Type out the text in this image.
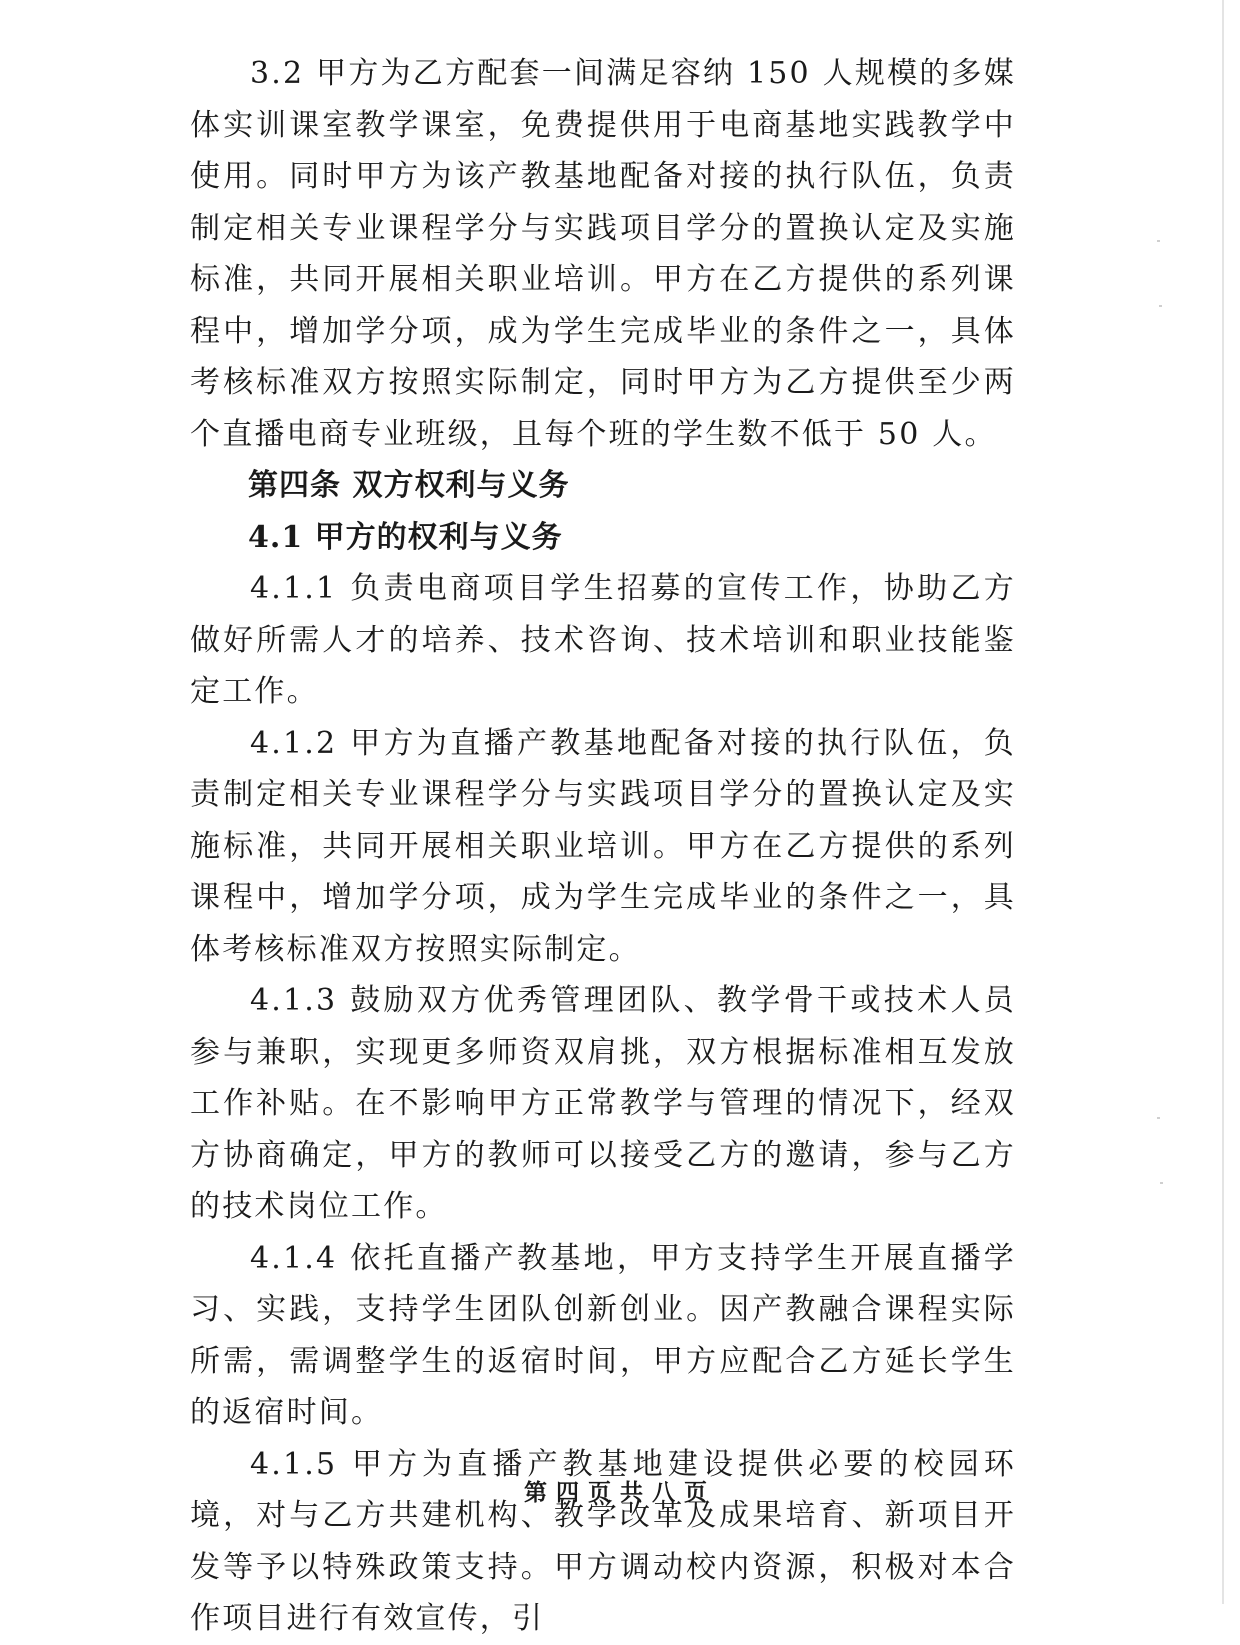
3.2 甲方为乙方配套一间满足容纳 150 人规模的多媒体实训课室教学课室，免费提供用于电商基地实践教学中使用。同时甲方为该产教基地配备对接的执行队伍，负责制定相关专业课程学分与实践项目学分的置换认定及实施标准，共同开展相关职业培训。甲方在乙方提供的系列课程中，增加学分项，成为学生完成毕业的条件之一，具体考核标准双方按照实际制定，同时甲方为乙方提供至少两个直播电商专业班级，且每个班的学生数不低于 50 人。

第四条 双方权利与义务

4.1 甲方的权利与义务

4.1.1 负责电商项目学生招募的宣传工作，协助乙方做好所需人才的培养、技术咨询、技术培训和职业技能鉴定工作。

4.1.2 甲方为直播产教基地配备对接的执行队伍，负责制定相关专业课程学分与实践项目学分的置换认定及实施标准，共同开展相关职业培训。甲方在乙方提供的系列课程中，增加学分项，成为学生完成毕业的条件之一，具体考核标准双方按照实际制定。

4.1.3 鼓励双方优秀管理团队、教学骨干或技术人员参与兼职，实现更多师资双肩挑，双方根据标准相互发放工作补贴。在不影响甲方正常教学与管理的情况下，经双方协商确定，甲方的教师可以接受乙方的邀请，参与乙方的技术岗位工作。

4.1.4 依托直播产教基地，甲方支持学生开展直播学习、实践，支持学生团队创新创业。因产教融合课程实际所需，需调整学生的返宿时间，甲方应配合乙方延长学生的返宿时间。

4.1.5 甲方为直播产教基地建设提供必要的校园环境，对与乙方共建机构、教学改革及成果培育、新项目开发等予以特殊政策支持。甲方调动校内资源，积极对本合作项目进行有效宣传，引

第四页共八页
